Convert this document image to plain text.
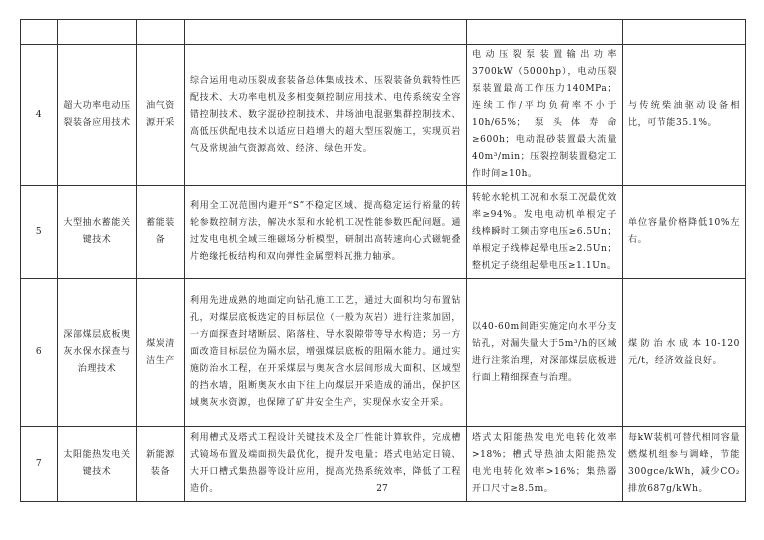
4	超大功率电动压裂装备应用技术	油气资源开采	综合运用电动压裂成套装备总体集成技术、压裂装备负载特性匹配技术、大功率电机及多相变频控制应用技术、电传系统安全容错控制技术、数字混砂控制技术、井场油电混驱集群控制技术、高低压供配电技术以适应日趋增大的超大型压裂施工，实现页岩气及常规油气资源高效、经济、绿色开发。	电动压裂泵装置输出功率3700kW（5000hp），电动压裂泵装置最高工作压力140MPa；连续工作/平均负荷率不小于10h/65%；泵头体寿命≥600h；电动混砂装置最大流量40m³/min；压裂控制装置稳定工作时间≥10h。	与传统柴油驱动设备相比，可节能35.1%。
5	大型抽水蓄能关键技术	蓄能装备	利用全工况范围内避开“S”不稳定区域、提高稳定运行裕量的转轮参数控制方法，解决水泵和水轮机工况性能参数匹配问题。通过发电电机全域三维磁场分析模型，研制出高转速向心式磁轭叠片绝缘托板结构和双向弹性金属塑料瓦推力轴承。	转轮水轮机工况和水泵工况最优效率≥94%。发电电动机单根定子线棒瞬时工频击穿电压≥6.5Un；单根定子线棒起晕电压≥2.5Un；整机定子绕组起晕电压≥1.1Un。	单位容量价格降低10%左右。
6	深部煤层底板奥灰水保水探查与治理技术	煤炭清洁生产	利用先进成熟的地面定向钻孔施工工艺，通过大面积均匀布置钻孔，对煤层底板选定的目标层位（一般为灰岩）进行注浆加固，一方面探查封堵断层、陷落柱、导水裂隙带等导水构造；另一方面改造目标层位为隔水层，增强煤层底板的阻隔水能力。通过实施防治水工程，在开采煤层与奥灰含水层间形成大面积、区域型的挡水墙，阻断奥灰水由下往上向煤层开采造成的涌出，保护区域奥灰水资源，也保障了矿井安全生产，实现保水安全开采。	以40-60m间距实施定向水平分支钻孔，对漏失量大于5m³/h的区域进行注浆治理，对深部煤层底板进行面上精细探查与治理。	煤防治水成本10-120元/t，经济效益良好。
7	太阳能热发电关键技术	新能源装备	利用槽式及塔式工程设计关键技术及全厂性能计算软件，完成槽式镜场布置及端面损失最优化，提升发电量；塔式电站定日镜、大开口槽式集热器等设计应用，提高光热系统效率，降低了工程造价。	塔式太阳能热发电光电转化效率>18%；槽式导热油太阳能热发电光电转化效率>16%；集热器开口尺寸≥8.5m。	每kW装机可替代相同容量燃煤机组参与调峰，节能300gce/kWh，减少CO₂排放687g/kWh。
27
